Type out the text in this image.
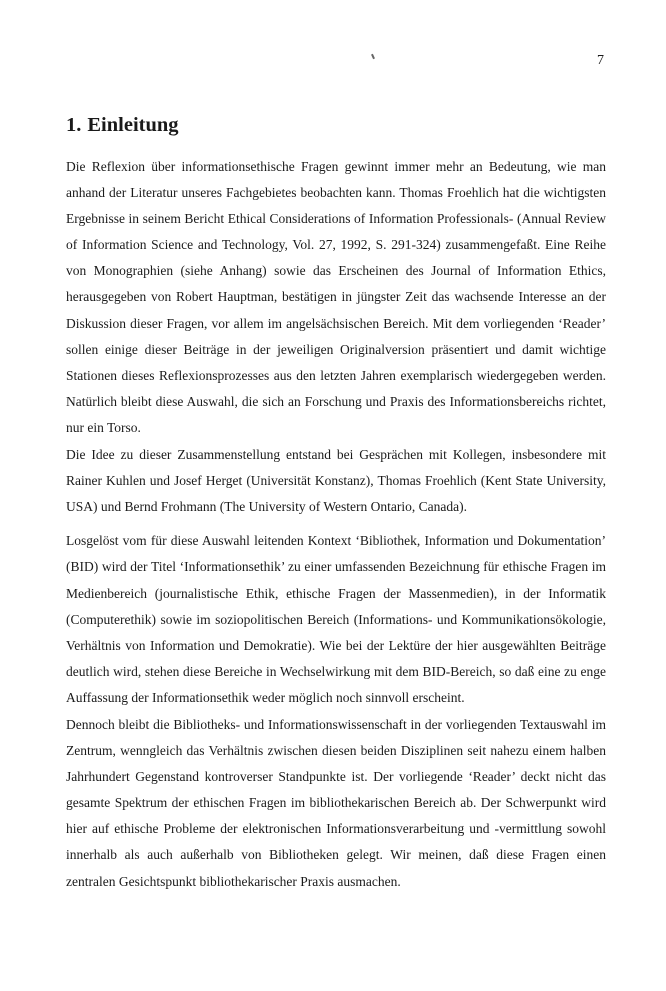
7
1. Einleitung

Die Reflexion über informationsethische Fragen gewinnt immer mehr an Bedeutung, wie man anhand der Literatur unseres Fachgebietes beobachten kann. Thomas Froehlich hat die wichtigsten Ergebnisse in seinem Bericht Ethical Considerations of Information Professionals- (Annual Review of Information Science and Technology, Vol. 27, 1992, S. 291-324) zusammengefaßt. Eine Reihe von Monographien (siehe Anhang) sowie das Erscheinen des Journal of Information Ethics, herausgegeben von Robert Hauptman, bestätigen in jüngster Zeit das wachsende Interesse an der Diskussion dieser Fragen, vor allem im angelsächsischen Bereich. Mit dem vorliegenden ‘Reader’ sollen einige dieser Beiträge in der jeweiligen Originalversion präsentiert und damit wichtige Stationen dieses Reflexionsprozesses aus den letzten Jahren exemplarisch wiedergegeben werden. Natürlich bleibt diese Auswahl, die sich an Forschung und Praxis des Informationsbereichs richtet, nur ein Torso.

Die Idee zu dieser Zusammenstellung entstand bei Gesprächen mit Kollegen, insbesondere mit Rainer Kuhlen und Josef Herget (Universität Konstanz), Thomas Froehlich (Kent State University, USA) und Bernd Frohmann (The University of Western Ontario, Canada).

Losgelöst vom für diese Auswahl leitenden Kontext ‘Bibliothek, Information und Dokumentation’ (BID) wird der Titel ‘Informationsethik’ zu einer umfassenden Bezeichnung für ethische Fragen im Medienbereich (journalistische Ethik, ethische Fragen der Massenmedien), in der Informatik (Computerethik) sowie im soziopolitischen Bereich (Informations- und Kommunikationsökologie, Verhältnis von Information und Demokratie). Wie bei der Lektüre der hier ausgewählten Beiträge deutlich wird, stehen diese Bereiche in Wechselwirkung mit dem BID-Bereich, so daß eine zu enge Auffassung der Informationsethik weder möglich noch sinnvoll erscheint.

Dennoch bleibt die Bibliotheks- und Informationswissenschaft in der vorliegenden Textauswahl im Zentrum, wenngleich das Verhältnis zwischen diesen beiden Disziplinen seit nahezu einem halben Jahrhundert Gegenstand kontroverser Standpunkte ist. Der vorliegende ‘Reader’ deckt nicht das gesamte Spektrum der ethischen Fragen im bibliothekarischen Bereich ab. Der Schwerpunkt wird hier auf ethische Probleme der elektronischen Informationsverarbeitung und -vermittlung sowohl innerhalb als auch außerhalb von Bibliotheken gelegt. Wir meinen, daß diese Fragen einen zentralen Gesichtspunkt bibliothekarischer Praxis ausmachen.
